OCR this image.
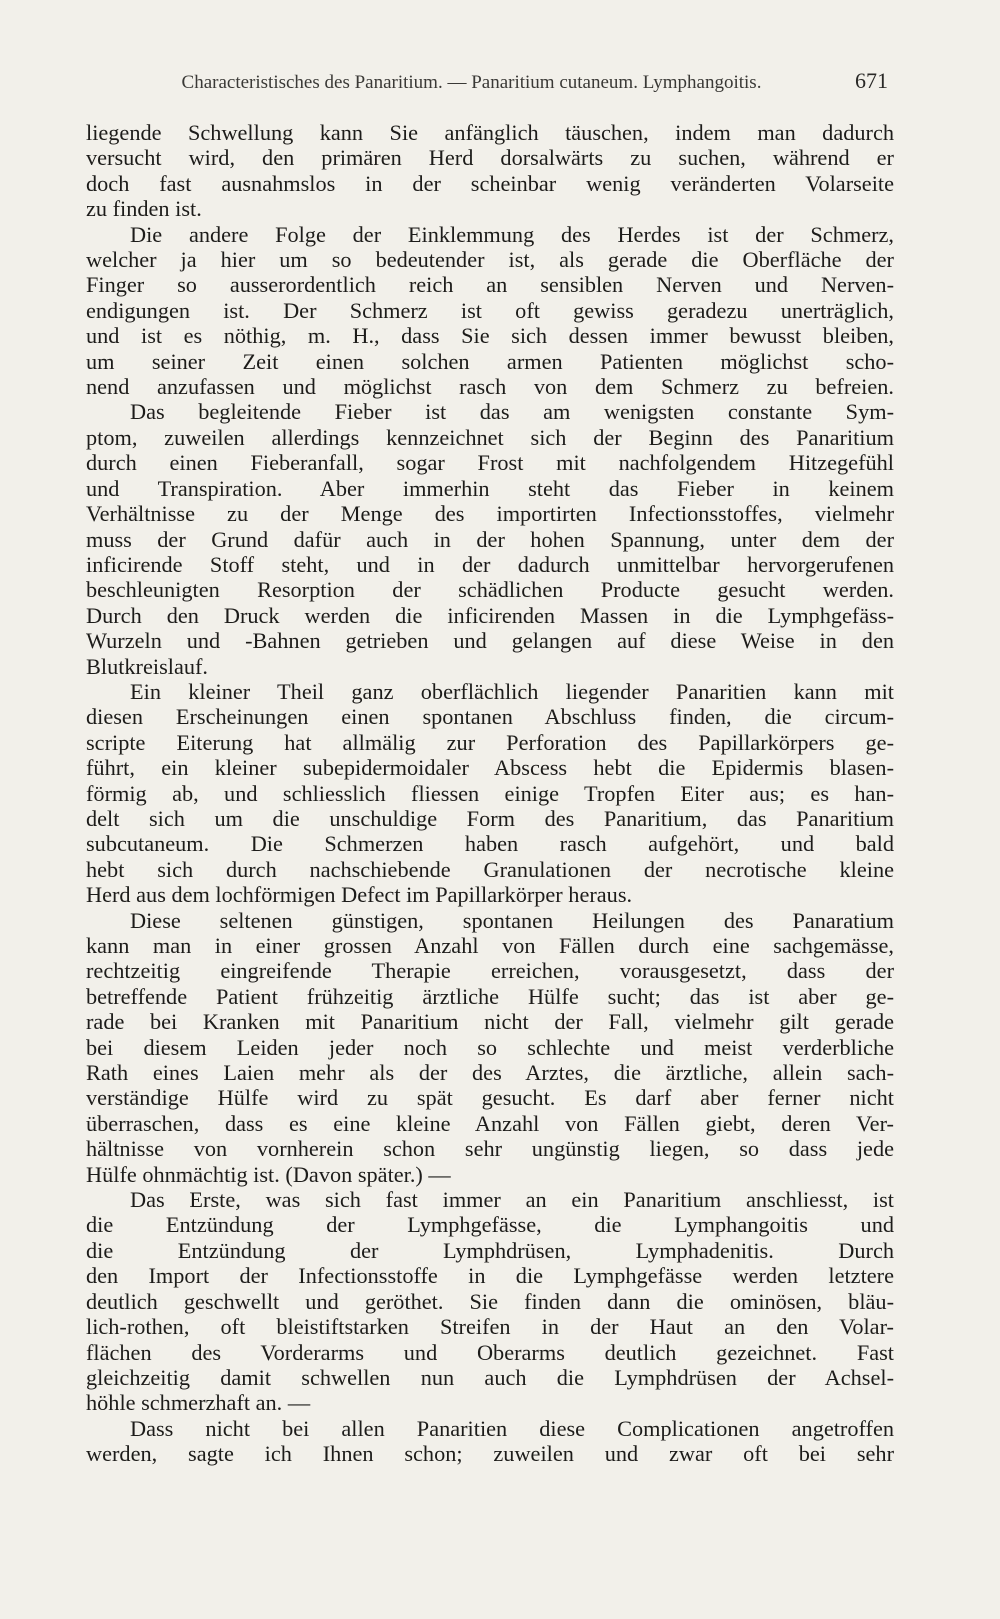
Characteristisches des Panaritium. — Panaritium cutaneum. Lymphangoitis.	671
liegende Schwellung kann Sie anfänglich täuschen, indem man dadurch
versucht wird, den primären Herd dorsalwärts zu suchen, während er
doch fast ausnahmslos in der scheinbar wenig veränderten Volarseite
zu finden ist.
Die andere Folge der Einklemmung des Herdes ist der Schmerz,
welcher ja hier um so bedeutender ist, als gerade die Oberfläche der
Finger so ausserordentlich reich an sensiblen Nerven und Nerven-
endigungen ist. Der Schmerz ist oft gewiss geradezu unerträglich,
und ist es nöthig, m. H., dass Sie sich dessen immer bewusst bleiben,
um seiner Zeit einen solchen armen Patienten möglichst scho-
nend anzufassen und möglichst rasch von dem Schmerz zu befreien.
Das begleitende Fieber ist das am wenigsten constante Sym-
ptom, zuweilen allerdings kennzeichnet sich der Beginn des Panaritium
durch einen Fieberanfall, sogar Frost mit nachfolgendem Hitzegefühl
und Transpiration. Aber immerhin steht das Fieber in keinem
Verhältnisse zu der Menge des importirten Infectionsstoffes, vielmehr
muss der Grund dafür auch in der hohen Spannung, unter dem der
inficirende Stoff steht, und in der dadurch unmittelbar hervorgerufenen
beschleunigten Resorption der schädlichen Producte gesucht werden.
Durch den Druck werden die inficirenden Massen in die Lymphgefäss-
Wurzeln und -Bahnen getrieben und gelangen auf diese Weise in den
Blutkreislauf.
Ein kleiner Theil ganz oberflächlich liegender Panaritien kann mit
diesen Erscheinungen einen spontanen Abschluss finden, die circum-
scripte Eiterung hat allmälig zur Perforation des Papillarkörpers ge-
führt, ein kleiner subepidermoidaler Abscess hebt die Epidermis blasen-
förmig ab, und schliesslich fliessen einige Tropfen Eiter aus; es han-
delt sich um die unschuldige Form des Panaritium, das Panaritium
subcutaneum. Die Schmerzen haben rasch aufgehört, und bald
hebt sich durch nachschiebende Granulationen der necrotische kleine
Herd aus dem lochförmigen Defect im Papillarkörper heraus.
Diese seltenen günstigen, spontanen Heilungen des Panaratium
kann man in einer grossen Anzahl von Fällen durch eine sachgemässe,
rechtzeitig eingreifende Therapie erreichen, vorausgesetzt, dass der
betreffende Patient frühzeitig ärztliche Hülfe sucht; das ist aber ge-
rade bei Kranken mit Panaritium nicht der Fall, vielmehr gilt gerade
bei diesem Leiden jeder noch so schlechte und meist verderbliche
Rath eines Laien mehr als der des Arztes, die ärztliche, allein sach-
verständige Hülfe wird zu spät gesucht. Es darf aber ferner nicht
überraschen, dass es eine kleine Anzahl von Fällen giebt, deren Ver-
hältnisse von vornherein schon sehr ungünstig liegen, so dass jede
Hülfe ohnmächtig ist. (Davon später.) —
Das Erste, was sich fast immer an ein Panaritium anschliesst, ist
die Entzündung der Lymphgefässe, die Lymphangoitis und
die Entzündung der Lymphdrüsen, Lymphadenitis. Durch
den Import der Infectionsstoffe in die Lymphgefässe werden letztere
deutlich geschwellt und geröthet. Sie finden dann die ominösen, bläu-
lich-rothen, oft bleistiftstarken Streifen in der Haut an den Volar-
flächen des Vorderarms und Oberarms deutlich gezeichnet. Fast
gleichzeitig damit schwellen nun auch die Lymphdrüsen der Achsel-
höhle schmerzhaft an. —
Dass nicht bei allen Panaritien diese Complicationen angetroffen
werden, sagte ich Ihnen schon; zuweilen und zwar oft bei sehr
